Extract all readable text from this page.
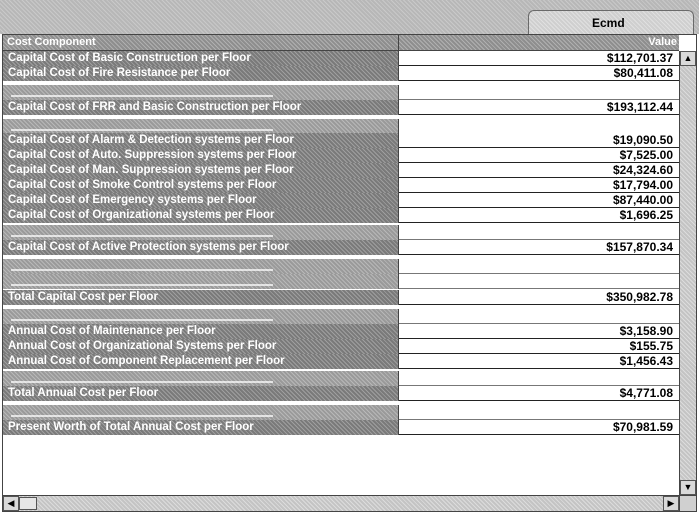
Ecmd
Cost Component	Value
Capital Cost of Basic Construction per Floor	$112,701.37
Capital Cost of Fire Resistance per Floor	$80,411.08
Capital Cost of FRR and Basic Construction per Floor	$193,112.44
Capital Cost of Alarm & Detection systems per Floor	$19,090.50
Capital Cost of Auto. Suppression systems per Floor	$7,525.00
Capital Cost of Man. Suppression systems per Floor	$24,324.60
Capital Cost of Smoke Control systems per Floor	$17,794.00
Capital Cost of Emergency systems per Floor	$87,440.00
Capital Cost of Organizational systems per Floor	$1,696.25
Capital Cost of Active Protection systems per Floor	$157,870.34
Total Capital Cost per Floor	$350,982.78
Annual Cost of Maintenance per Floor	$3,158.90
Annual Cost of Organizational Systems per Floor	$155.75
Annual Cost of Component Replacement per Floor	$1,456.43
Total Annual Cost per Floor	$4,771.08
Present Worth of Total Annual Cost per Floor	$70,981.59
▲
▼
◀	▶
